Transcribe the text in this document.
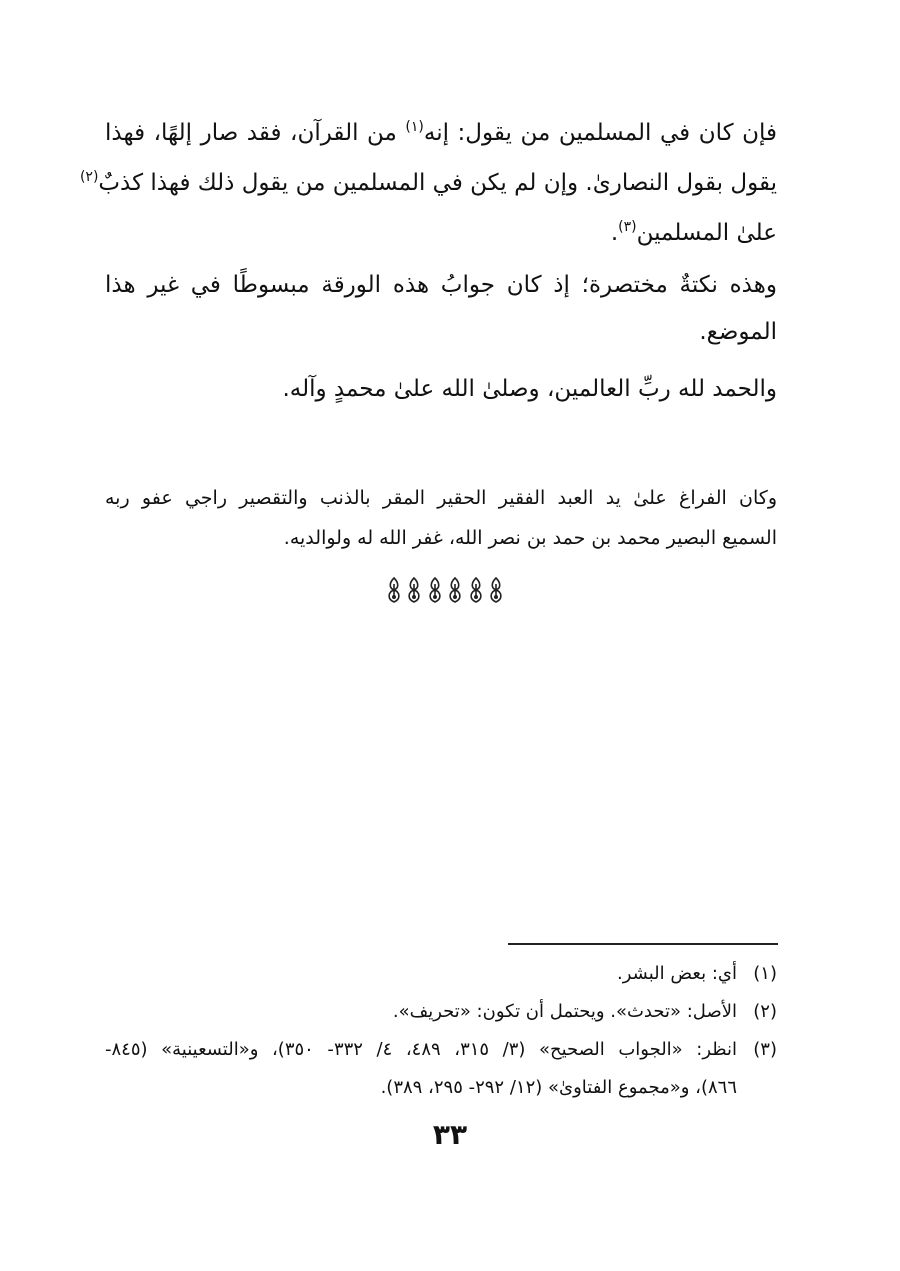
فإن كان في المسلمين من يقول: إنه$^{(١)}$ من القرآن، فقد صار إلهًا، فهذا
يقول بقول النصارىٰ. وإن لم يكن في المسلمين من يقول ذلك فهذا كذبٌ$^{(٢)}$
علىٰ المسلمين$^{(٣)}$.

وهذه نكتةٌ مختصرة؛ إذ كان جوابُ هذه الورقة مبسوطًا في غير هذا
الموضع.

والحمد لله ربِّ العالمين، وصلىٰ الله علىٰ محمدٍ وآله.

وكان الفراغ علىٰ يد العبد الفقير الحقير المقر بالذنب والتقصير راجي عفو ربه
السميع البصير محمد بن حمد بن نصر الله، غفر الله له ولوالديه.

(١)
أي: بعض البشر.
(٢)
الأصل: «تحدث». ويحتمل أن تكون: «تحريف».
(٣)
انظر: «الجواب الصحيح» (٣/ ٣١٥، ٤٨٩، ٤/ ٣٣٢- ٣٥٠)، و«التسعينية» (٨٤٥-
٨٦٦)، و«مجموع الفتاوىٰ» (١٢/ ٢٩٢- ٢٩٥، ٣٨٩).
٣٣
